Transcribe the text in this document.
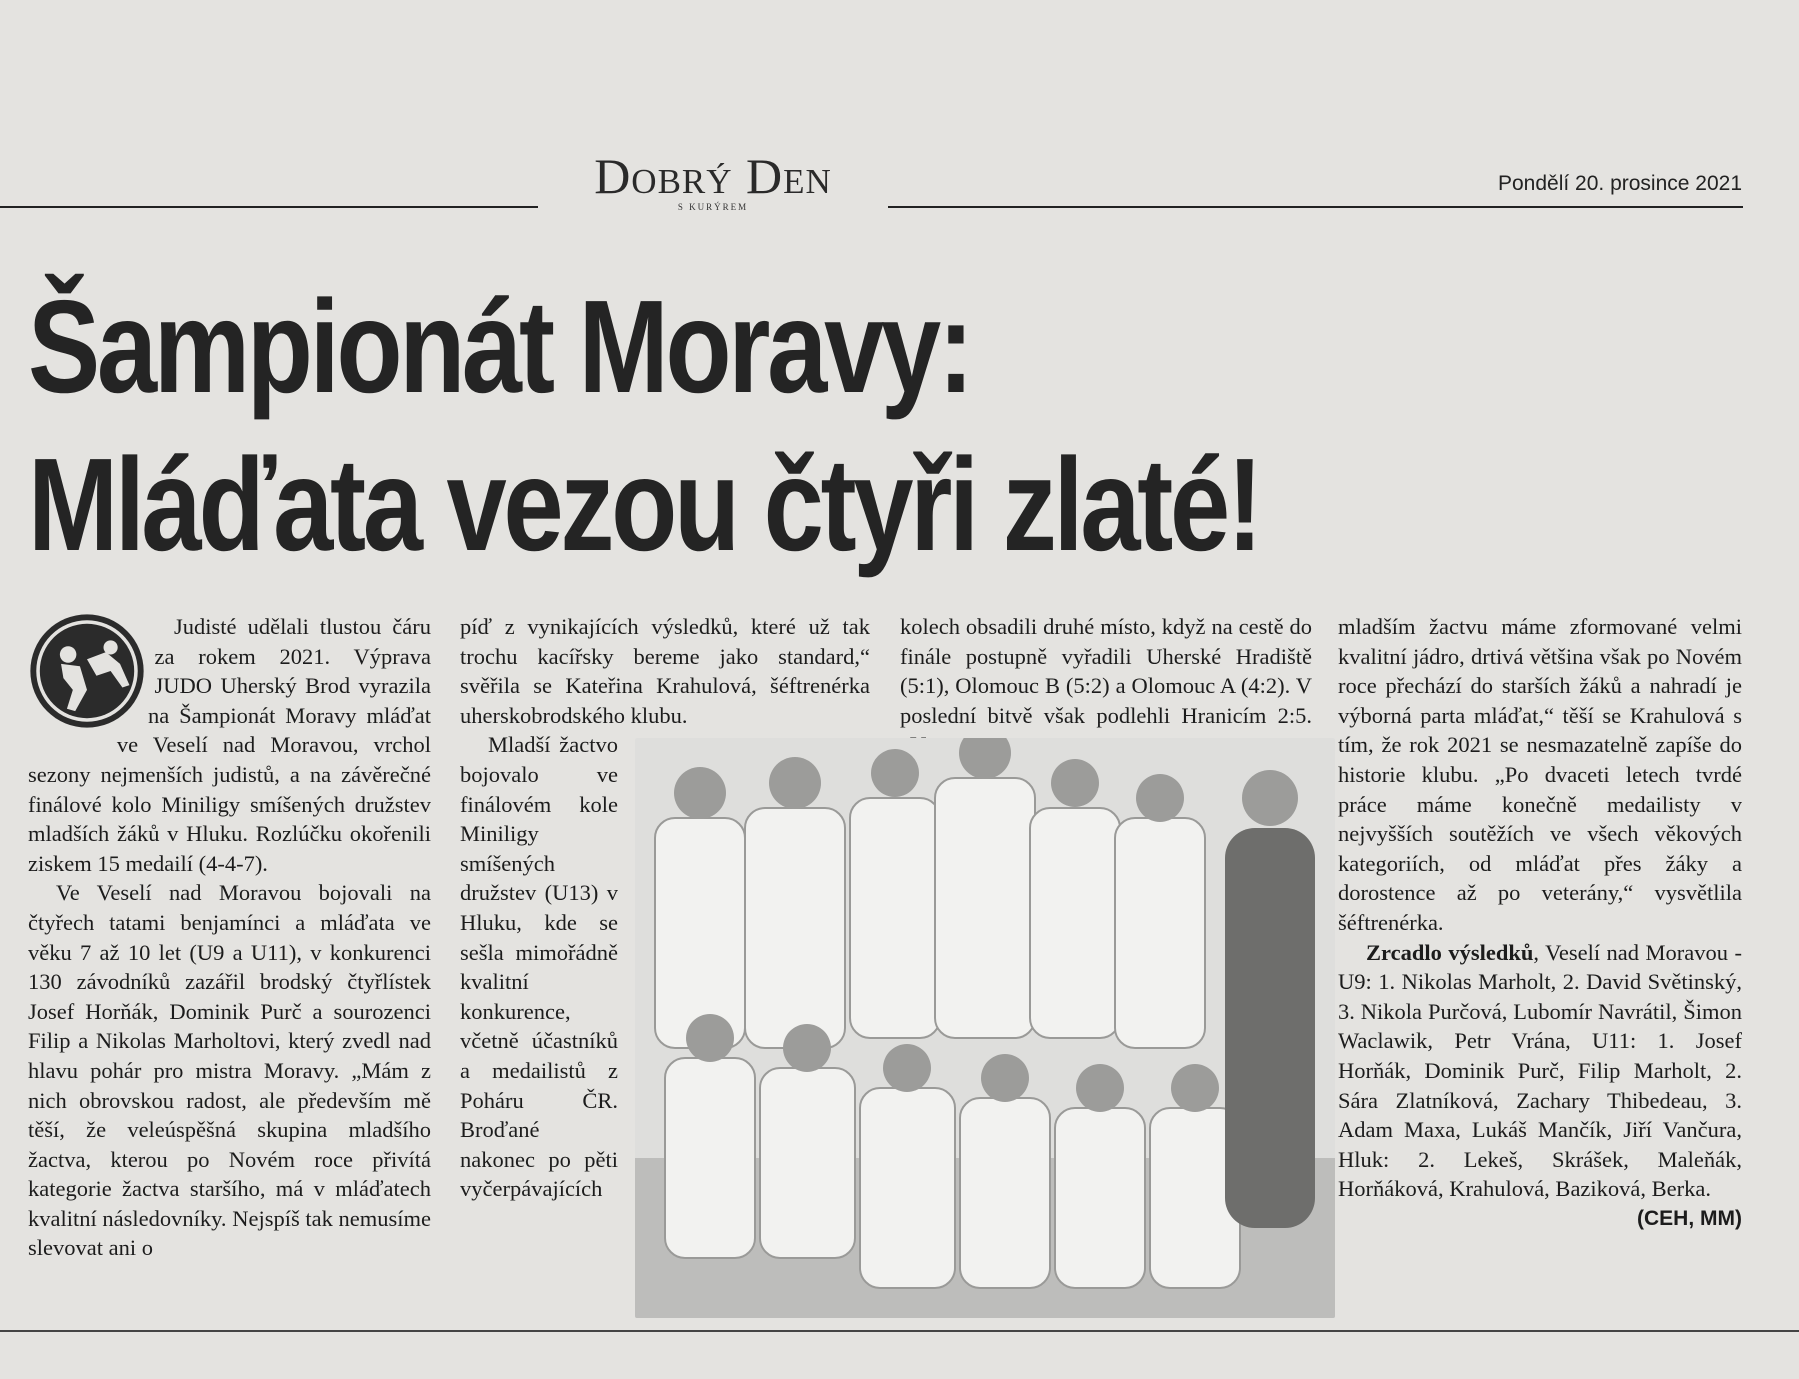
Dobrý Den
S KURÝREM
Pondělí 20. prosince 2021
Šampionát Moravy:
Mláďata vezou čtyři zlaté!

Judisté udělali tlustou čáru za rokem 2021. Výprava JUDO Uherský Brod vyrazila na Šampionát Moravy mláďat ve Veselí nad Moravou, vrchol sezony nejmenších judistů, a na závěrečné finálové kolo Miniligy smíšených družstev mladších žáků v Hluku. Rozlúčku okořenili ziskem 15 medailí (4-4-7).

Ve Veselí nad Moravou bojovali na čtyřech tatami benjamínci a mláďata ve věku 7 až 10 let (U9 a U11), v konkurenci 130 závodníků zazářil brodský čtyřlístek Josef Horňák, Dominik Purč a sourozenci Filip a Nikolas Marholtovi, který zvedl nad hlavu pohár pro mistra Moravy. „Mám z nich obrovskou radost, ale především mě těší, že veleúspěšná skupina mladšího žactva, kterou po Novém roce přivítá kategorie žactva staršího, má v mláďatech kvalitní následovníky. Nejspíš tak nemusíme slevovat ani o

píď z vynikajících výsledků, které už tak trochu kacířsky bereme jako standard,“ svěřila se Kateřina Krahulová, šéftrenérka uherskobrodského klubu.

Mladší žactvo bojovalo ve finálovém kole Miniligy smíšených družstev (U13) v Hluku, kde se sešla mimořádně kvalitní konkurence, včetně účastníků a medailistů z Poháru ČR. Broďané nakonec po pěti vyčerpávajících

kolech obsadili druhé místo, když na cestě do finále postupně vyřadili Uherské Hradiště (5:1), Olomouc B (5:2) a Olomouc A (4:2). V poslední bitvě však podlehli Hranicím 2:5.

mladším žactvu máme zformované velmi kvalitní jádro, drtivá většina však po Novém roce přechází do starších žáků a nahradí je výborná parta mláďat,“ těší se Krahulová s tím, že rok 2021 se nesmazatelně zapíše do historie klubu. „Po dvaceti letech tvrdé práce máme konečně medailisty v nejvyšších soutěžích ve všech věkových kategoriích, od mláďat přes žáky a dorostence až po veterány,“ vysvětlila šéftrenérka.

Zrcadlo výsledků, Veselí nad Moravou - U9: 1. Nikolas Marholt, 2. David Světinský, 3. Nikola Purčová, Lubomír Navrátil, Šimon Waclawik, Petr Vrána, U11: 1. Josef Horňák, Dominik Purč, Filip Marholt, 2. Sára Zlatníková, Zachary Thibedeau, 3. Adam Maxa, Lukáš Mančík, Jiří Vančura, Hluk: 2. Lekeš, Skrášek, Maleňák, Horňáková, Krahulová, Baziková, Berka.
(CEH, MM)
